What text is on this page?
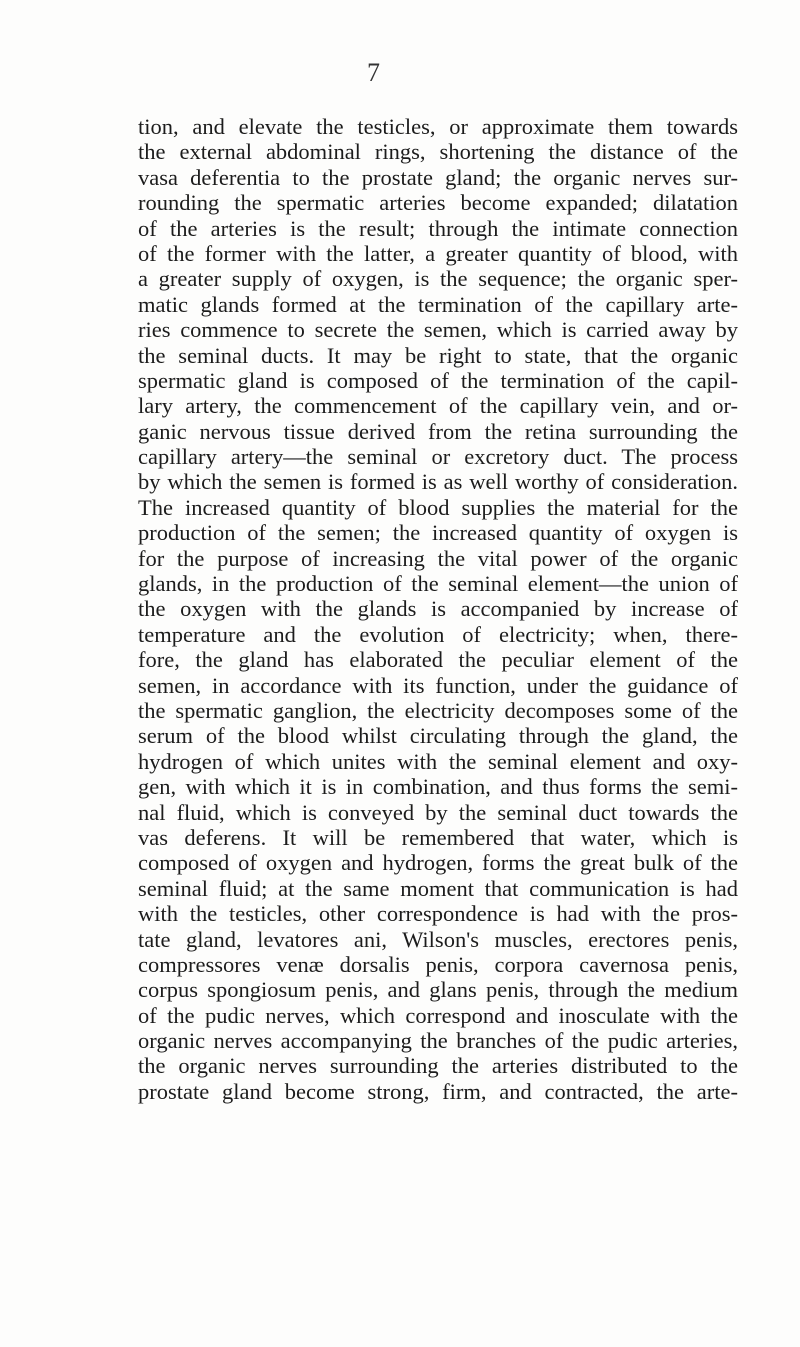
7
tion, and elevate the testicles, or approximate them towards
the external abdominal rings, shortening the distance of the
vasa deferentia to the prostate gland; the organic nerves sur-
rounding the spermatic arteries become expanded; dilatation
of the arteries is the result; through the intimate connection
of the former with the latter, a greater quantity of blood, with
a greater supply of oxygen, is the sequence; the organic sper-
matic glands formed at the termination of the capillary arte-
ries commence to secrete the semen, which is carried away by
the seminal ducts. It may be right to state, that the organic
spermatic gland is composed of the termination of the capil-
lary artery, the commencement of the capillary vein, and or-
ganic nervous tissue derived from the retina surrounding the
capillary artery—the seminal or excretory duct. The process
by which the semen is formed is as well worthy of consideration.
The increased quantity of blood supplies the material for the
production of the semen; the increased quantity of oxygen is
for the purpose of increasing the vital power of the organic
glands, in the production of the seminal element—the union of
the oxygen with the glands is accompanied by increase of
temperature and the evolution of electricity; when, there-
fore, the gland has elaborated the peculiar element of the
semen, in accordance with its function, under the guidance of
the spermatic ganglion, the electricity decomposes some of the
serum of the blood whilst circulating through the gland, the
hydrogen of which unites with the seminal element and oxy-
gen, with which it is in combination, and thus forms the semi-
nal fluid, which is conveyed by the seminal duct towards the
vas deferens. It will be remembered that water, which is
composed of oxygen and hydrogen, forms the great bulk of the
seminal fluid; at the same moment that communication is had
with the testicles, other correspondence is had with the pros-
tate gland, levatores ani, Wilson's muscles, erectores penis,
compressores venæ dorsalis penis, corpora cavernosa penis,
corpus spongiosum penis, and glans penis, through the medium
of the pudic nerves, which correspond and inosculate with the
organic nerves accompanying the branches of the pudic arteries,
the organic nerves surrounding the arteries distributed to the
prostate gland become strong, firm, and contracted, the arte-
